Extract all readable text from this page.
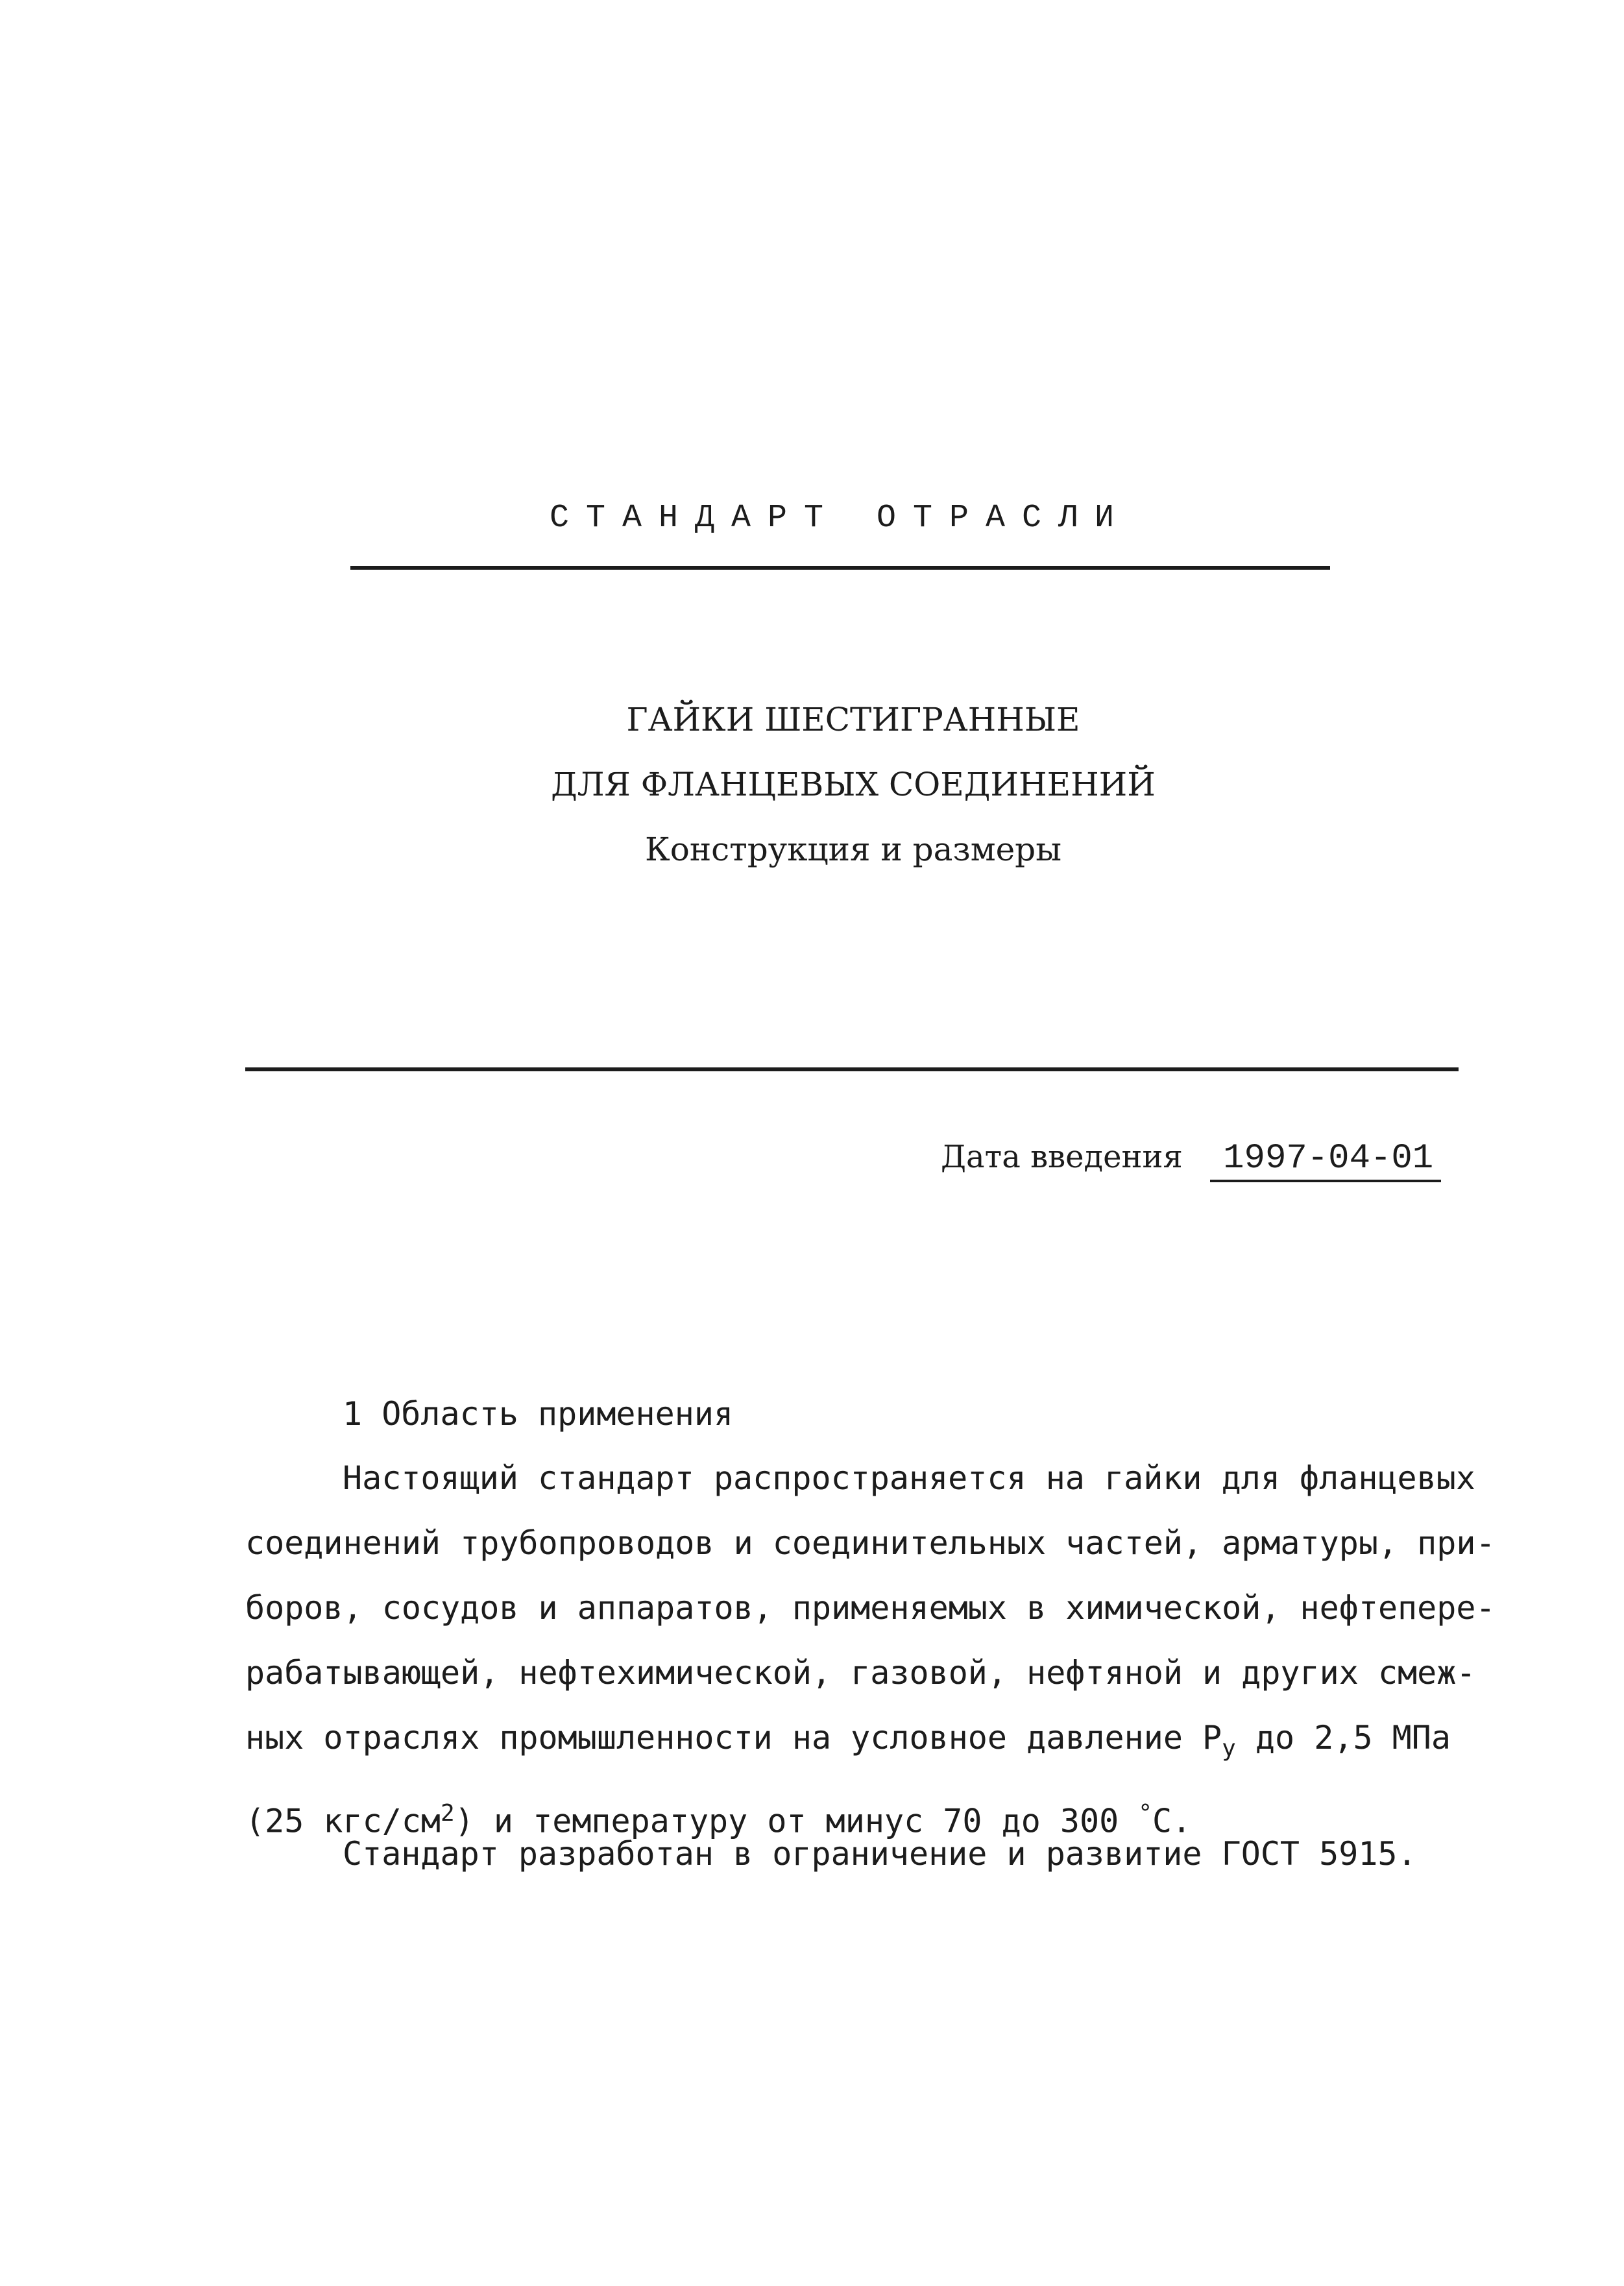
СТАНДАРТ ОТРАСЛИ
ГАЙКИ ШЕСТИГРАННЫЕ
ДЛЯ ФЛАНЦЕВЫХ СОЕДИНЕНИЙ
Конструкция и размеры
Дата введения 1997-04-01
1 Область применения

Настоящий стандарт распространяется на гайки для фланцевых

соединений трубопроводов и соединительных частей, арматуры, при-

боров, сосудов и аппаратов, применяемых в химической, нефтепере-

рабатывающей, нефтехимической, газовой, нефтяной и других смеж-

ных отраслях промышленности на условное давление $Р_у$ до 2,5 МПа

(25 кгс/$см^2$) и температуру от минус 70 до 300 °С.

Стандарт разработан в ограничение и развитие ГОСТ 5915.
